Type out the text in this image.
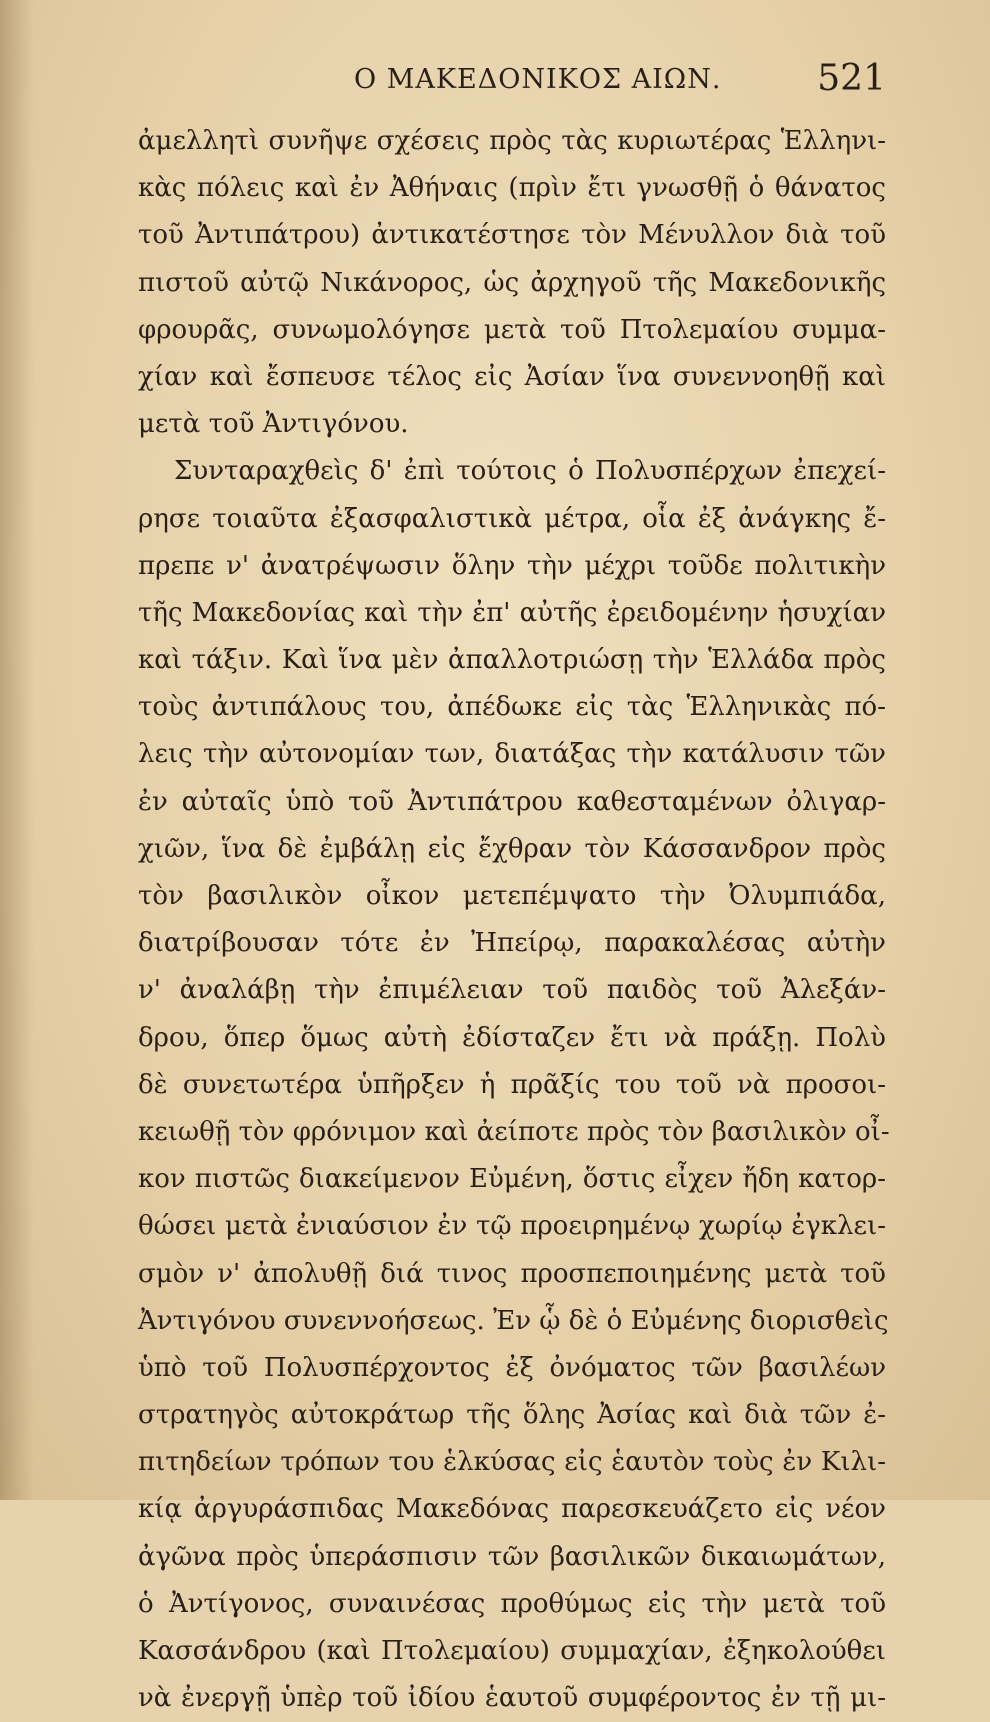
Ο ΜΑΚΕΔΟΝΙΚΟΣ ΑΙΩΝ.	521
ἀμελλητὶ συνῆψε σχέσεις πρὸς τὰς κυριωτέρας Ἑλληνι-
κὰς πόλεις καὶ ἐν Ἀθήναις (πρὶν ἔτι γνωσθῇ ὁ θάνατος
τοῦ Ἀντιπάτρου) ἀντικατέστησε τὸν Μένυλλον διὰ τοῦ
πιστοῦ αὐτῷ Νικάνορος, ὡς ἀρχηγοῦ τῆς Μακεδονικῆς
φρουρᾶς, συνωμολόγησε μετὰ τοῦ Πτολεμαίου συμμα-
χίαν καὶ ἔσπευσε τέλος εἰς Ἀσίαν ἵνα συνεννοηθῇ καὶ
μετὰ τοῦ Ἀντιγόνου.
Συνταραχθεὶς δ' ἐπὶ τούτοις ὁ Πολυσπέρχων ἐπεχεί-
ρησε τοιαῦτα ἐξασφαλιστικὰ μέτρα, οἷα ἐξ ἀνάγκης ἔ-
πρεπε ν' ἀνατρέψωσιν ὅλην τὴν μέχρι τοῦδε πολιτικὴν
τῆς Μακεδονίας καὶ τὴν ἐπ' αὐτῆς ἐρειδομένην ἡσυχίαν
καὶ τάξιν. Καὶ ἵνα μὲν ἀπαλλοτριώσῃ τὴν Ἑλλάδα πρὸς
τοὺς ἀντιπάλους του, ἀπέδωκε εἰς τὰς Ἑλληνικὰς πό-
λεις τὴν αὐτονομίαν των, διατάξας τὴν κατάλυσιν τῶν
ἐν αὐταῖς ὑπὸ τοῦ Ἀντιπάτρου καθεσταμένων ὀλιγαρ-
χιῶν, ἵνα δὲ ἐμβάλῃ εἰς ἔχθραν τὸν Κάσσανδρον πρὸς
τὸν βασιλικὸν οἶκον μετεπέμψατο τὴν Ὀλυμπιάδα,
διατρίβουσαν τότε ἐν Ἠπείρῳ, παρακαλέσας αὐτὴν
ν' ἀναλάβῃ τὴν ἐπιμέλειαν τοῦ παιδὸς τοῦ Ἀλεξάν-
δρου, ὅπερ ὅμως αὐτὴ ἐδίσταζεν ἔτι νὰ πράξῃ. Πολὺ
δὲ συνετωτέρα ὑπῆρξεν ἡ πρᾶξίς του τοῦ νὰ προσοι-
κειωθῇ τὸν φρόνιμον καὶ ἀείποτε πρὸς τὸν βασιλικὸν οἶ-
κον πιστῶς διακείμενον Εὐμένη, ὅστις εἶχεν ἤδη κατορ-
θώσει μετὰ ἐνιαύσιον ἐν τῷ προειρημένῳ χωρίῳ ἐγκλει-
σμὸν ν' ἀπολυθῇ διά τινος προσπεποιημένης μετὰ τοῦ
Ἀντιγόνου συνεννοήσεως. Ἐν ᾧ δὲ ὁ Εὐμένης διορισθεὶς
ὑπὸ τοῦ Πολυσπέρχοντος ἐξ ὀνόματος τῶν βασιλέων
στρατηγὸς αὐτοκράτωρ τῆς ὅλης Ἀσίας καὶ διὰ τῶν ἐ-
πιτηδείων τρόπων του ἑλκύσας εἰς ἑαυτὸν τοὺς ἐν Κιλι-
κίᾳ ἀργυράσπιδας Μακεδόνας παρεσκευάζετο εἰς νέον
ἀγῶνα πρὸς ὑπεράσπισιν τῶν βασιλικῶν δικαιωμάτων,
ὁ Ἀντίγονος, συναινέσας προθύμως εἰς τὴν μετὰ τοῦ
Κασσάνδρου (καὶ Πτολεμαίου) συμμαχίαν, ἐξηκολούθει
νὰ ἐνεργῇ ὑπὲρ τοῦ ἰδίου ἑαυτοῦ συμφέροντος ἐν τῇ μι-
